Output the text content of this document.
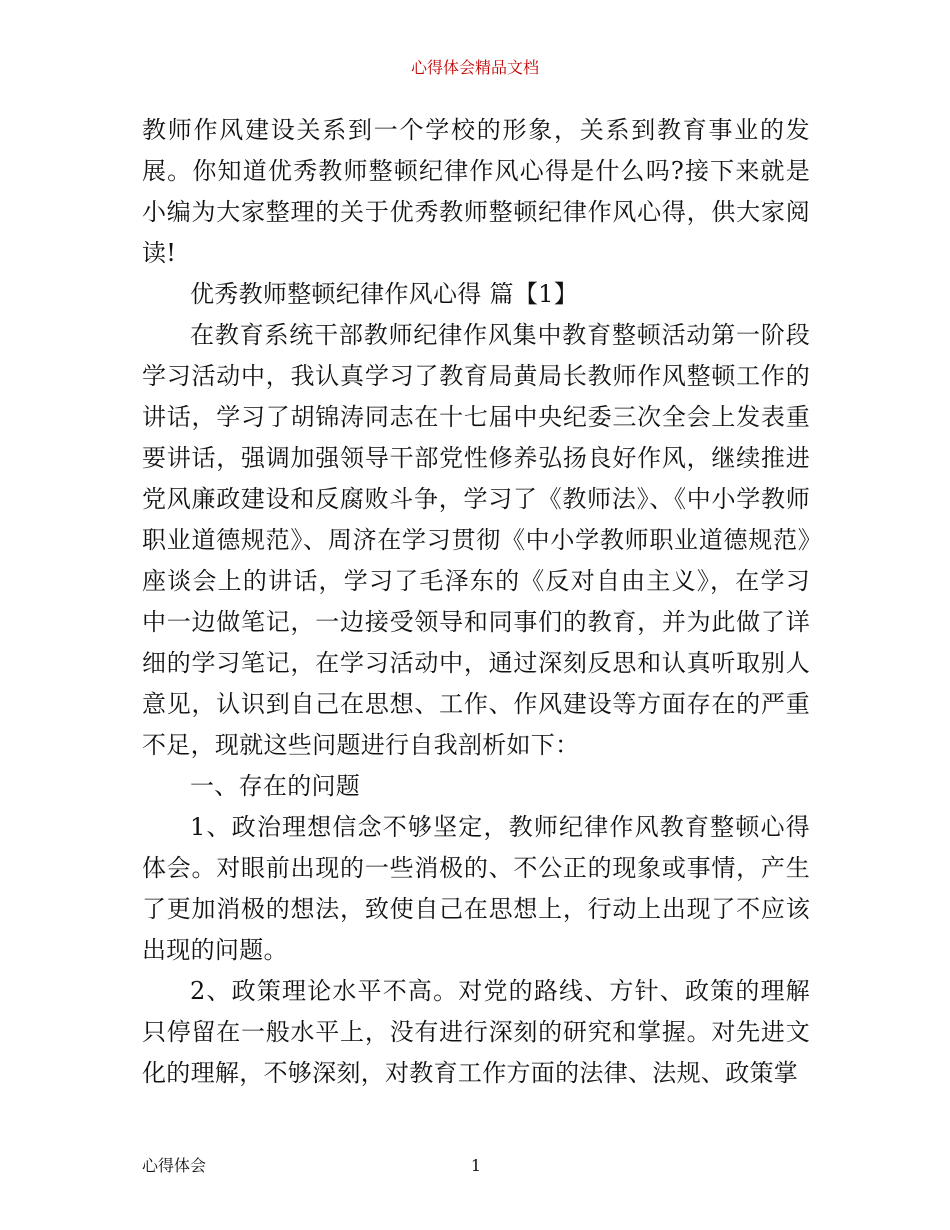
心得体会精品文档

教师作风建设关系到一个学校的形象，关系到教育事业的发展。你知道优秀教师整顿纪律作风心得是什么吗?接下来就是小编为大家整理的关于优秀教师整顿纪律作风心得，供大家阅读!

优秀教师整顿纪律作风心得 篇【1】

在教育系统干部教师纪律作风集中教育整顿活动第一阶段学习活动中，我认真学习了教育局黄局长教师作风整顿工作的讲话，学习了胡锦涛同志在十七届中央纪委三次全会上发表重要讲话，强调加强领导干部党性修养弘扬良好作风，继续推进党风廉政建设和反腐败斗争，学习了《教师法》、《中小学教师职业道德规范》、周济在学习贯彻《中小学教师职业道德规范》座谈会上的讲话，学习了毛泽东的《反对自由主义》，在学习中一边做笔记，一边接受领导和同事们的教育，并为此做了详细的学习笔记，在学习活动中，通过深刻反思和认真听取别人意见，认识到自己在思想、工作、作风建设等方面存在的严重不足，现就这些问题进行自我剖析如下：

一、存在的问题

1、政治理想信念不够坚定，教师纪律作风教育整顿心得体会。对眼前出现的一些消极的、不公正的现象或事情，产生了更加消极的想法，致使自己在思想上，行动上出现了不应该出现的问题。

2、政策理论水平不高。对党的路线、方针、政策的理解只停留在一般水平上，没有进行深刻的研究和掌握。对先进文化的理解，不够深刻，对教育工作方面的法律、法规、政策掌

心得体会	1
